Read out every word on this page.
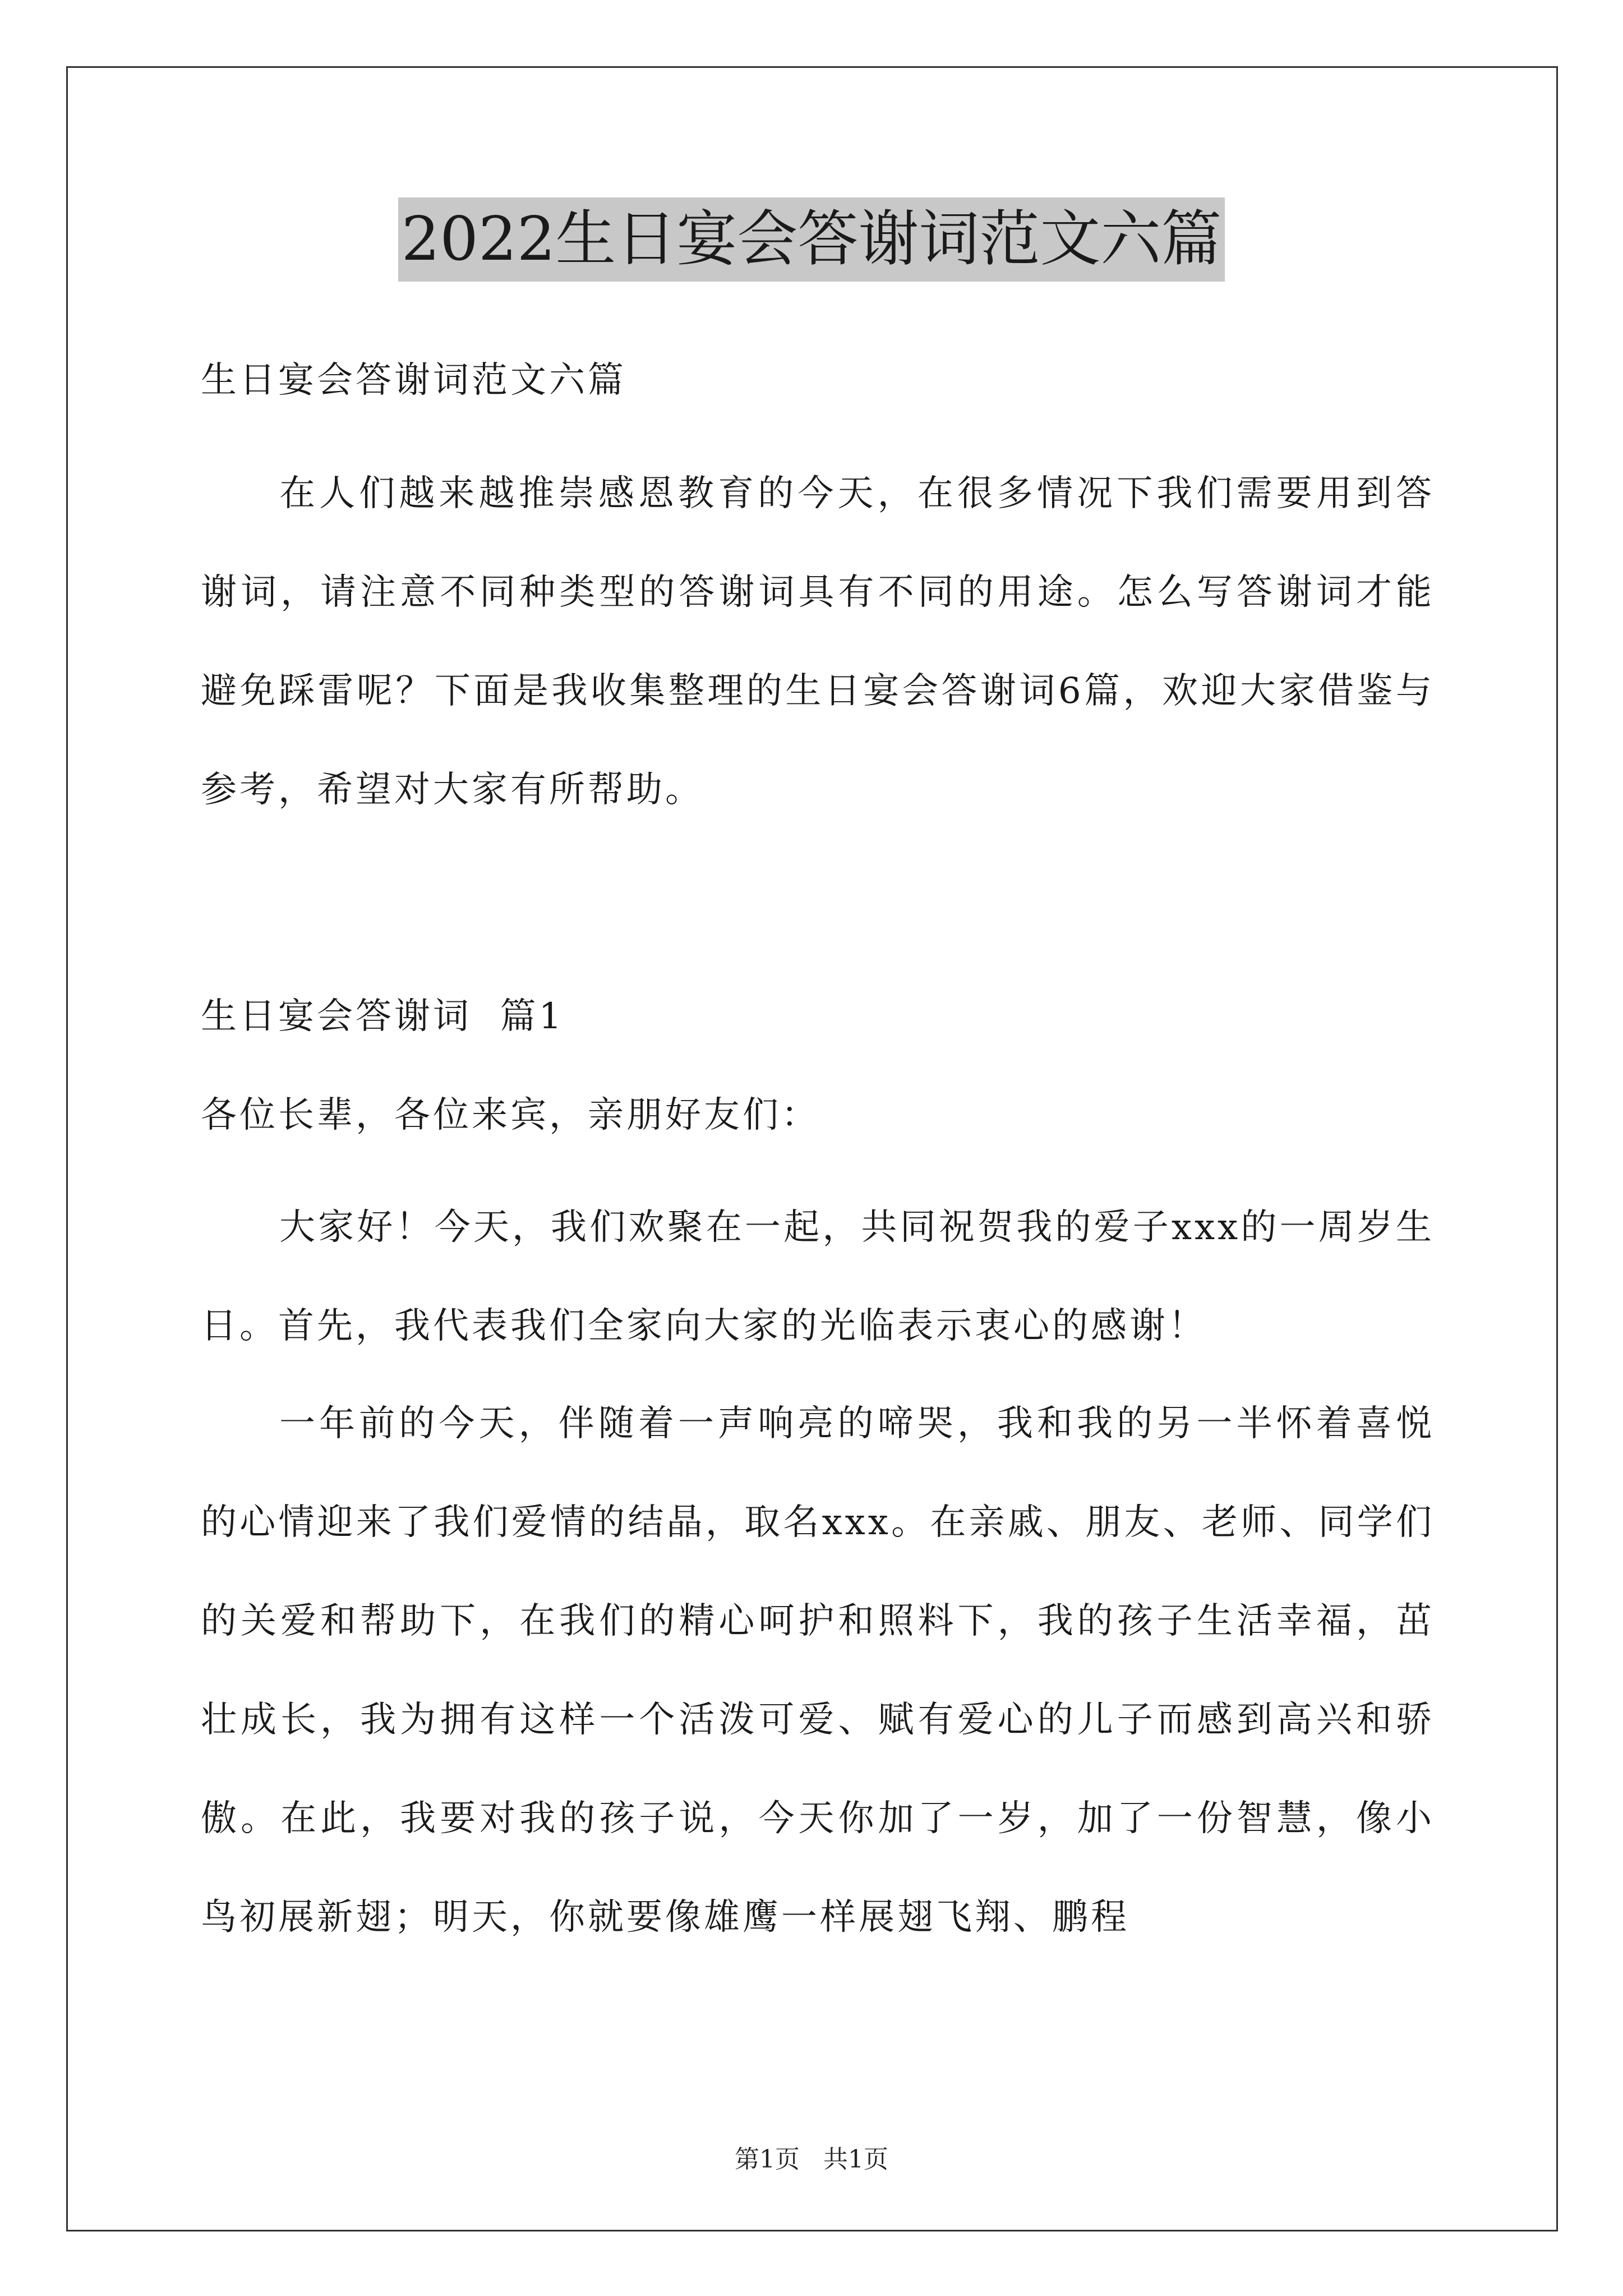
2022生日宴会答谢词范文六篇

生日宴会答谢词范文六篇

在人们越来越推崇感恩教育的今天，在很多情况下我们需要用到答谢词，请注意不同种类型的答谢词具有不同的用途。怎么写答谢词才能避免踩雷呢？下面是我收集整理的生日宴会答谢词6篇，欢迎大家借鉴与参考，希望对大家有所帮助。

生日宴会答谢词  篇1

各位长辈，各位来宾，亲朋好友们：

大家好！今天，我们欢聚在一起，共同祝贺我的爱子xxx的一周岁生日。首先，我代表我们全家向大家的光临表示衷心的感谢！

一年前的今天，伴随着一声响亮的啼哭，我和我的另一半怀着喜悦的心情迎来了我们爱情的结晶，取名xxx。在亲戚、朋友、老师、同学们的关爱和帮助下，在我们的精心呵护和照料下，我的孩子生活幸福，茁壮成长，我为拥有这样一个活泼可爱、赋有爱心的儿子而感到高兴和骄傲。在此，我要对我的孩子说，今天你加了一岁，加了一份智慧，像小鸟初展新翅；明天，你就要像雄鹰一样展翅飞翔、鹏程

第1页   共1页
